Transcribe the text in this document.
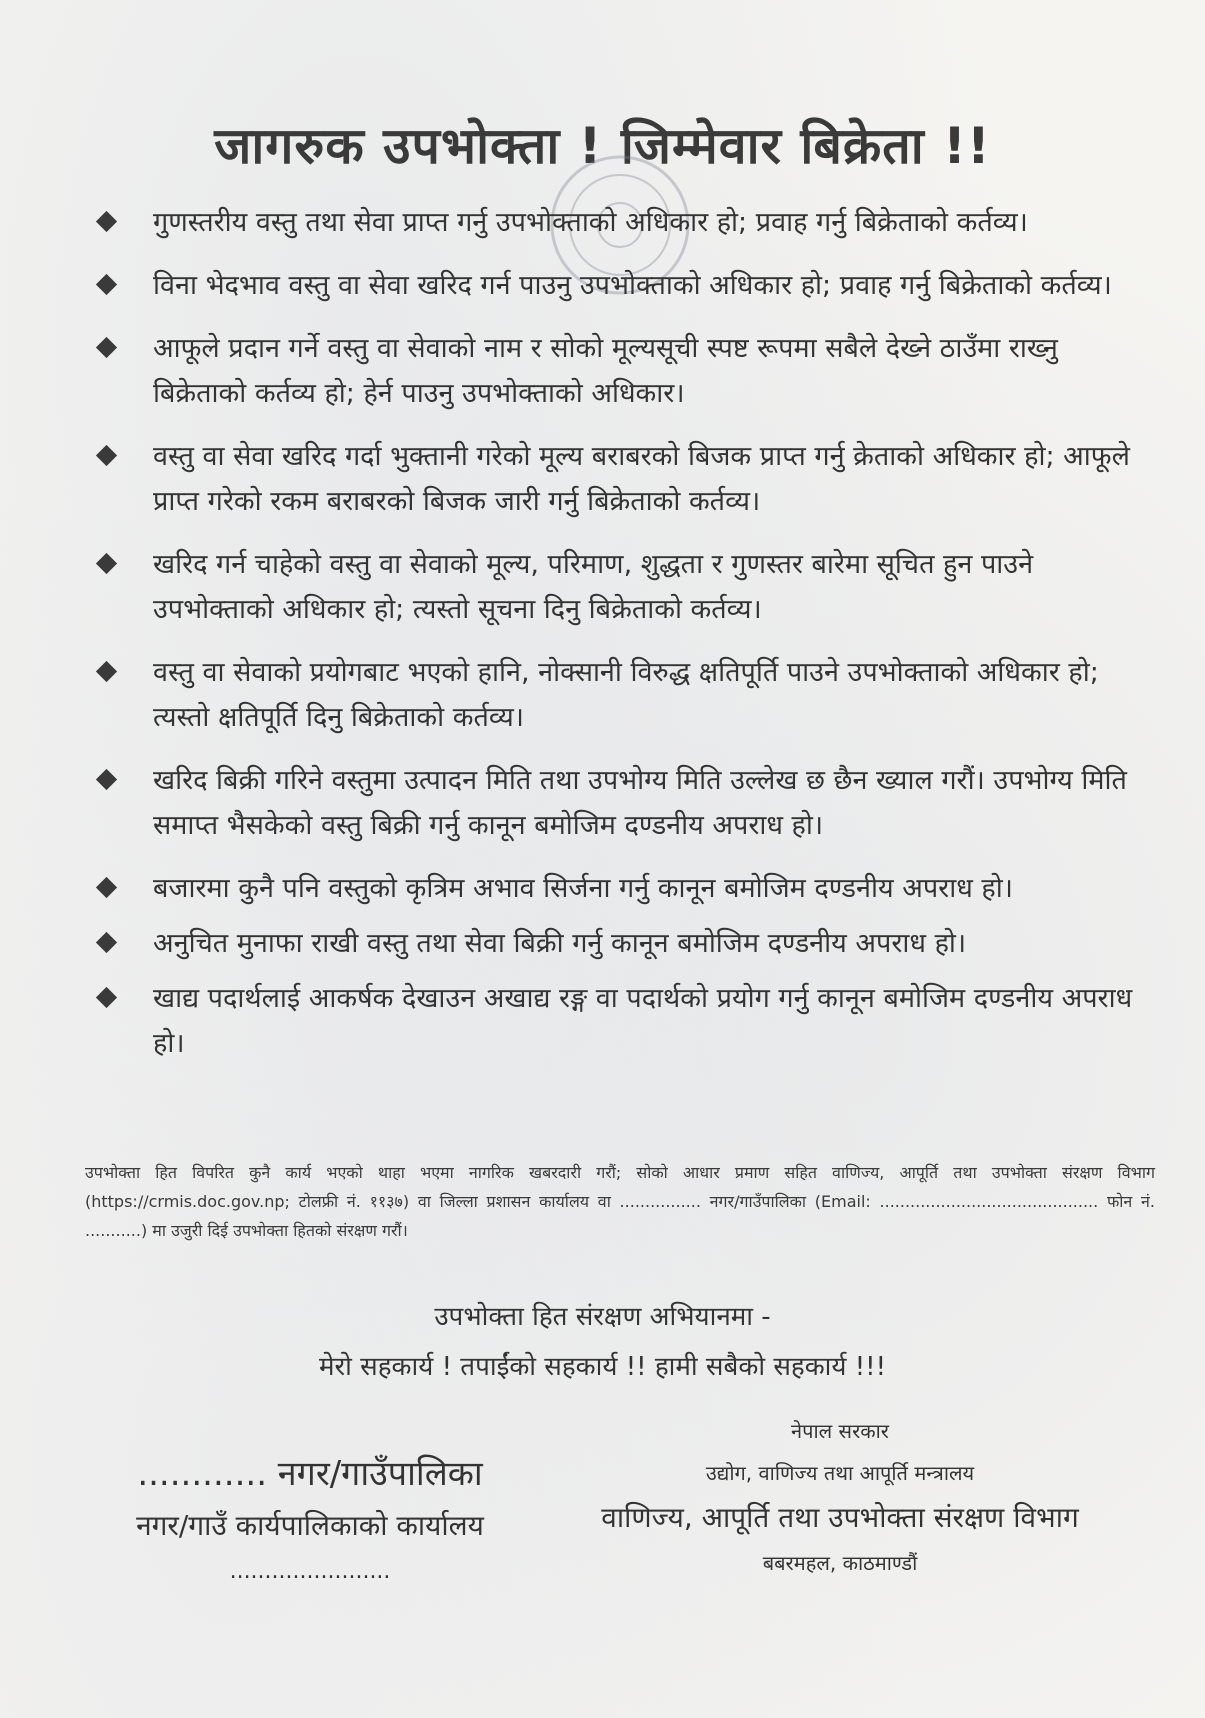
जागरुक उपभोक्ता ! जिम्मेवार बिक्रेता !!
गुणस्तरीय वस्तु तथा सेवा प्राप्त गर्नु उपभोक्ताको अधिकार हो; प्रवाह गर्नु बिक्रेताको कर्तव्य।
विना भेदभाव वस्तु वा सेवा खरिद गर्न पाउनु उपभोक्ताको अधिकार हो; प्रवाह गर्नु बिक्रेताको कर्तव्य।
आफूले प्रदान गर्ने वस्तु वा सेवाको नाम र सोको मूल्यसूची स्पष्ट रूपमा सबैले देख्ने ठाउँमा राख्नु बिक्रेताको कर्तव्य हो; हेर्न पाउनु उपभोक्ताको अधिकार।
वस्तु वा सेवा खरिद गर्दा भुक्तानी गरेको मूल्य बराबरको बिजक प्राप्त गर्नु क्रेताको अधिकार हो; आफूले प्राप्त गरेको रकम बराबरको बिजक जारी गर्नु बिक्रेताको कर्तव्य।
खरिद गर्न चाहेको वस्तु वा सेवाको मूल्य, परिमाण, शुद्धता र गुणस्तर बारेमा सूचित हुन पाउने उपभोक्ताको अधिकार हो; त्यस्तो सूचना दिनु बिक्रेताको कर्तव्य।
वस्तु वा सेवाको प्रयोगबाट भएको हानि, नोक्सानी विरुद्ध क्षतिपूर्ति पाउने उपभोक्ताको अधिकार हो; त्यस्तो क्षतिपूर्ति दिनु बिक्रेताको कर्तव्य।
खरिद बिक्री गरिने वस्तुमा उत्पादन मिति तथा उपभोग्य मिति उल्लेख छ छैन ख्याल गरौं। उपभोग्य मिति समाप्त भैसकेको वस्तु बिक्री गर्नु कानून बमोजिम दण्डनीय अपराध हो।
बजारमा कुनै पनि वस्तुको कृत्रिम अभाव सिर्जना गर्नु कानून बमोजिम दण्डनीय अपराध हो।
अनुचित मुनाफा राखी वस्तु तथा सेवा बिक्री गर्नु कानून बमोजिम दण्डनीय अपराध हो।
खाद्य पदार्थलाई आकर्षक देखाउन अखाद्य रङ्ग वा पदार्थको प्रयोग गर्नु कानून बमोजिम दण्डनीय अपराध हो।
उपभोक्ता हित विपरित कुनै कार्य भएको थाहा भएमा नागरिक खबरदारी गरौं; सोको आधार प्रमाण सहित वाणिज्य, आपूर्ति तथा उपभोक्ता संरक्षण विभाग (https://crmis.doc.gov.np; टोलफ्री नं. ११३७) वा जिल्ला प्रशासन कार्यालय वा ................ नगर/गाउँपालिका (Email: ........................................... फोन नं. ...........) मा उजुरी दिई उपभोक्ता हितको संरक्षण गरौं।
उपभोक्ता हित संरक्षण अभियानमा -
मेरो सहकार्य ! तपाईंको सहकार्य !! हामी सबैको सहकार्य !!!
............ नगर/गाउँपालिका
नगर/गाउँ कार्यपालिकाको कार्यालय
.......................
नेपाल सरकार
उद्योग, वाणिज्य तथा आपूर्ति मन्त्रालय
वाणिज्य, आपूर्ति तथा उपभोक्ता संरक्षण विभाग
बबरमहल, काठमाण्डौं
